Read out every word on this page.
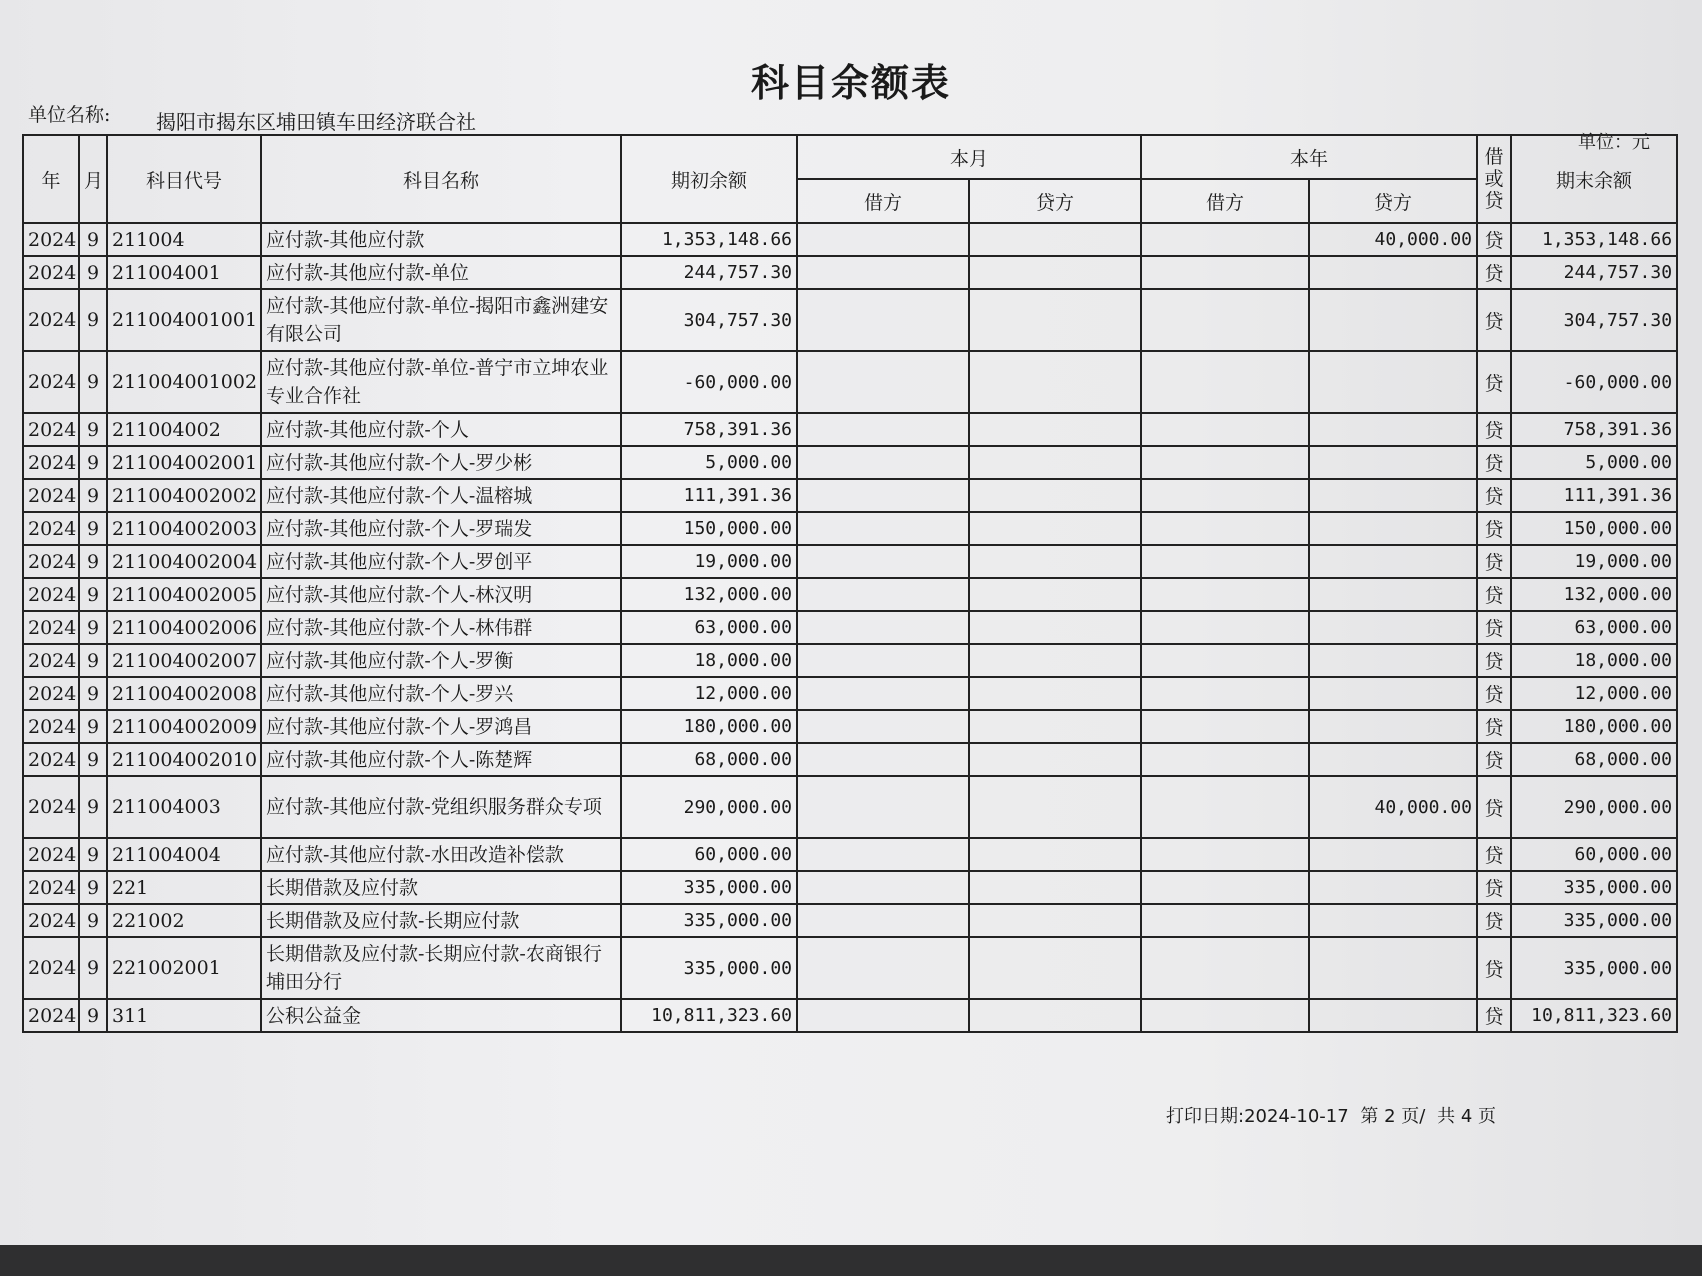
科目余额表
单位名称: 揭阳市揭东区埔田镇车田经济联合社
单位：元
年	月	科目代号	科目名称	期初余额	本月		本年		借
或
贷	期末余额
					借方	贷方	借方	贷方		
2024	9	211004	应付款-其他应付款	1,353,148.66				40,000.00	贷	1,353,148.66
2024	9	211004001	应付款-其他应付款-单位	244,757.30					贷	244,757.30
2024	9	211004001001	应付款-其他应付款-单位-揭阳市鑫洲建安有限公司	304,757.30					贷	304,757.30
2024	9	211004001002	应付款-其他应付款-单位-普宁市立坤农业专业合作社	-60,000.00					贷	-60,000.00
2024	9	211004002	应付款-其他应付款-个人	758,391.36					贷	758,391.36
2024	9	211004002001	应付款-其他应付款-个人-罗少彬	5,000.00					贷	5,000.00
2024	9	211004002002	应付款-其他应付款-个人-温榕城	111,391.36					贷	111,391.36
2024	9	211004002003	应付款-其他应付款-个人-罗瑞发	150,000.00					贷	150,000.00
2024	9	211004002004	应付款-其他应付款-个人-罗创平	19,000.00					贷	19,000.00
2024	9	211004002005	应付款-其他应付款-个人-林汉明	132,000.00					贷	132,000.00
2024	9	211004002006	应付款-其他应付款-个人-林伟群	63,000.00					贷	63,000.00
2024	9	211004002007	应付款-其他应付款-个人-罗衡	18,000.00					贷	18,000.00
2024	9	211004002008	应付款-其他应付款-个人-罗兴	12,000.00					贷	12,000.00
2024	9	211004002009	应付款-其他应付款-个人-罗鸿昌	180,000.00					贷	180,000.00
2024	9	211004002010	应付款-其他应付款-个人-陈楚辉	68,000.00					贷	68,000.00
2024	9	211004003	应付款-其他应付款-党组织服务群众专项	290,000.00				40,000.00	贷	290,000.00
2024	9	211004004	应付款-其他应付款-水田改造补偿款	60,000.00					贷	60,000.00
2024	9	221	长期借款及应付款	335,000.00					贷	335,000.00
2024	9	221002	长期借款及应付款-长期应付款	335,000.00					贷	335,000.00
2024	9	221002001	长期借款及应付款-长期应付款-农商银行埔田分行	335,000.00					贷	335,000.00
2024	9	311	公积公益金	10,811,323.60					贷	10,811,323.60
打印日期:2024-10-17 第 2 页/ 共 4 页
